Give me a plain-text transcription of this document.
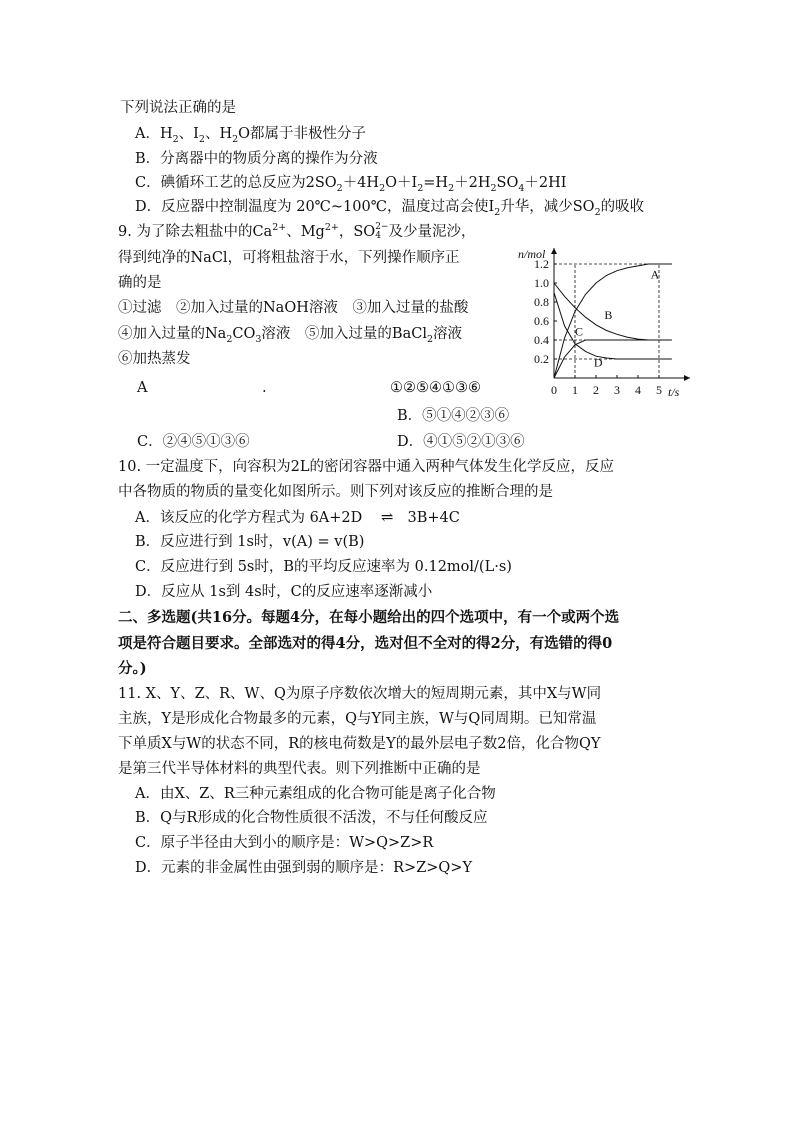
下列说法正确的是
A．$H_2$、$I_2$、$H_2O$都属于非极性分子
B．分离器中的物质分离的操作为分液
C．碘循环工艺的总反应为$2SO_2+4H_2O+I_2=H_2+2H_2SO_4+2HI$
D．反应器中控制温度为 20℃~100℃，温度过高会使$I_2$升华，减少$SO_2$的吸收
9. 为了除去粗盐中的$Ca^{2+}$、$Mg^{2+}$，SO 2−
4 及少量泥沙，
得到纯净的NaCl，可将粗盐溶于水，下列操作顺序正
确的是
①过滤　②加入过量的NaOH溶液　③加入过量的盐酸
④加入过量的$Na_2CO_3$溶液　⑤加入过量的BaCl$_2$溶液
⑥加热蒸发
A	.	①②⑤④①③⑥
B．⑤①④②③⑥
C．②④⑤①③⑥	D．④①⑤②①③⑥
n/mol
t/s
0 1 2 3 4 5
0.2
0.4
0.6
0.8
1.0
1.2
A
B
C
D
10. 一定温度下，向容积为2L的密闭容器中通入两种气体发生化学反应，反应
中各物质的物质的量变化如图所示。则下列对该反应的推断合理的是
A．该反应的化学方程式为 6A+2D ⇌ 3B+4C
B．反应进行到 1s时，v(A) = v(B)
C．反应进行到 5s时，B的平均反应速率为 0.12mol/(L·s)
D．反应从 1s到 4s时，C的反应速率逐渐减小
二、多选题(共16分。每题4分，在每小题给出的四个选项中，有一个或两个选
项是符合题目要求。全部选对的得4分，选对但不全对的得2分，有选错的得0
分。)
11. X、Y、Z、R、W、Q为原子序数依次增大的短周期元素，其中X与W同
主族，Y是形成化合物最多的元素，Q与Y同主族，W与Q同周期。已知常温
下单质X与W的状态不同，R的核电荷数是Y的最外层电子数2倍，化合物QY
是第三代半导体材料的典型代表。则下列推断中正确的是
A．由X、Z、R三种元素组成的化合物可能是离子化合物
B．Q与R形成的化合物性质很不活泼，不与任何酸反应
C．原子半径由大到小的顺序是：W>Q>Z>R
D．元素的非金属性由强到弱的顺序是：R>Z>Q>Y
